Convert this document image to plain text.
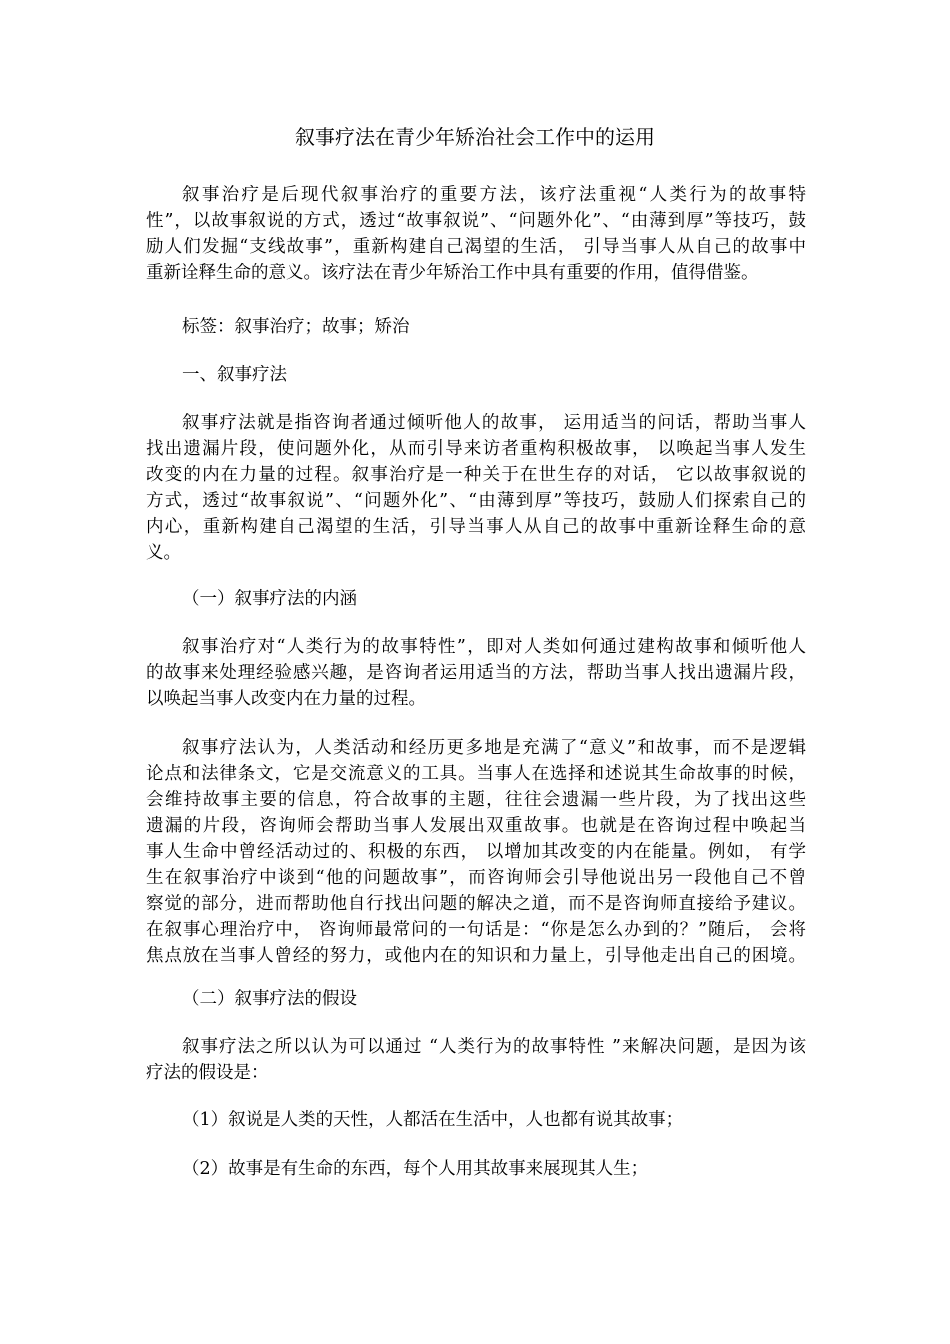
叙事疗法在青少年矫治社会工作中的运用
叙事治疗是后现代叙事治疗的重要方法，该疗法重视“人类行为的故事特
性”，以故事叙说的方式，透过“故事叙说”、“问题外化”、“由薄到厚”等技巧，鼓
励人们发掘“支线故事”，重新构建自己渴望的生活， 引导当事人从自己的故事中
重新诠释生命的意义。该疗法在青少年矫治工作中具有重要的作用，值得借鉴。
标签：叙事治疗；故事；矫治
一、叙事疗法
叙事疗法就是指咨询者通过倾听他人的故事， 运用适当的问话，帮助当事人
找出遗漏片段，使问题外化，从而引导来访者重构积极故事， 以唤起当事人发生
改变的内在力量的过程。叙事治疗是一种关于在世生存的对话， 它以故事叙说的
方式，透过“故事叙说”、“问题外化”、“由薄到厚”等技巧，鼓励人们探索自己的
内心，重新构建自己渴望的生活，引导当事人从自己的故事中重新诠释生命的意
义。
（一）叙事疗法的内涵
叙事治疗对“人类行为的故事特性”，即对人类如何通过建构故事和倾听他人
的故事来处理经验感兴趣，是咨询者运用适当的方法，帮助当事人找出遗漏片段，
以唤起当事人改变内在力量的过程。
叙事疗法认为，人类活动和经历更多地是充满了“意义”和故事，而不是逻辑
论点和法律条文，它是交流意义的工具。当事人在选择和述说其生命故事的时候，
会维持故事主要的信息，符合故事的主题，往往会遗漏一些片段，为了找出这些
遗漏的片段，咨询师会帮助当事人发展出双重故事。也就是在咨询过程中唤起当
事人生命中曾经活动过的、积极的东西， 以增加其改变的内在能量。例如， 有学
生在叙事治疗中谈到“他的问题故事”，而咨询师会引导他说出另一段他自己不曾
察觉的部分，进而帮助他自行找出问题的解决之道，而不是咨询师直接给予建议。
在叙事心理治疗中， 咨询师最常问的一句话是：“你是怎么办到的？”随后， 会将
焦点放在当事人曾经的努力，或他内在的知识和力量上，引导他走出自己的困境。
（二）叙事疗法的假设
叙事疗法之所以认为可以通过 “人类行为的故事特性 ”来解决问题，是因为该
疗法的假设是：
（1）叙说是人类的天性，人都活在生活中，人也都有说其故事；
（2）故事是有生命的东西，每个人用其故事来展现其人生；
